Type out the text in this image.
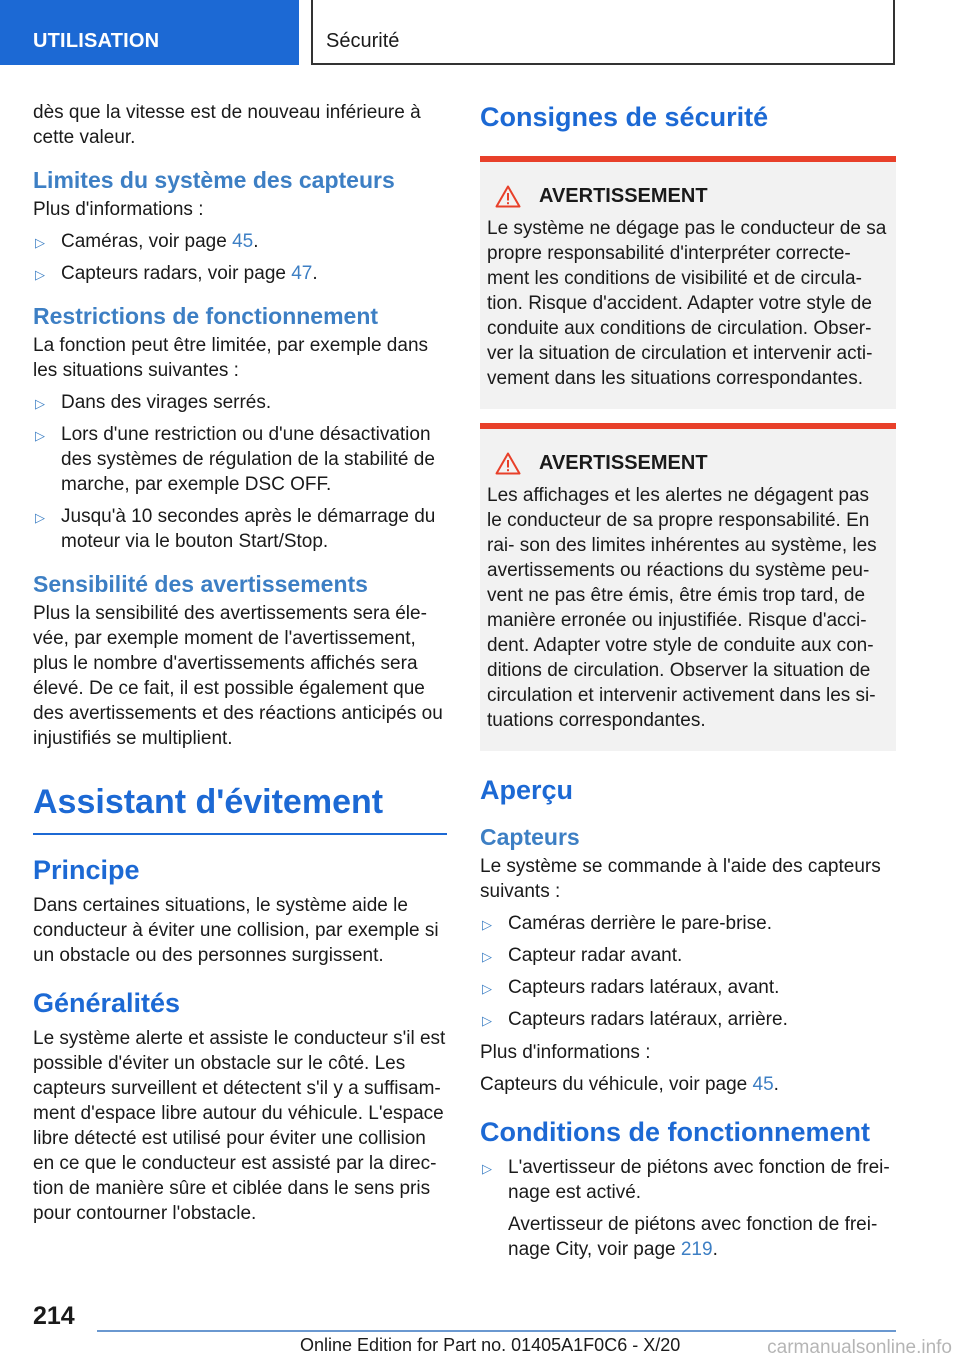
UTILISATION	Sécurité

dès que la vitesse est de nouveau inférieure à cette valeur.

Limites du système des capteurs

Plus d'informations :

▷ Caméras, voir page 45.
▷ Capteurs radars, voir page 47.
Restrictions de fonctionnement

La fonction peut être limitée, par exemple dans les situations suivantes :

▷ Dans des virages serrés.
▷ Lors d'une restriction ou d'une désactivation des systèmes de régulation de la stabilité de marche, par exemple DSC OFF.
▷ Jusqu'à 10 secondes après le démarrage du moteur via le bouton Start/Stop.
Sensibilité des avertissements

Plus la sensibilité des avertissements sera éle‐ vée, par exemple moment de l'avertissement, plus le nombre d'avertissements affichés sera élevé. De ce fait, il est possible également que des avertissements et des réactions anticipés ou injustifiés se multiplient.

Assistant d'évitement
Principe

Dans certaines situations, le système aide le conducteur à éviter une collision, par exemple si un obstacle ou des personnes surgissent.

Généralités

Le système alerte et assiste le conducteur s'il est possible d'éviter un obstacle sur le côté. Les capteurs surveillent et détectent s'il y a suffisam‐ ment d'espace libre autour du véhicule. L'espace libre détecté est utilisé pour éviter une collision en ce que le conducteur est assisté par la direc‐ tion de manière sûre et ciblée dans le sens pris pour contourner l'obstacle.

Consignes de sécurité
AVERTISSEMENT

Le système ne dégage pas le conducteur de sa propre responsabilité d'interpréter correcte‐ ment les conditions de visibilité et de circula‐ tion. Risque d'accident. Adapter votre style de conduite aux conditions de circulation. Obser‐ ver la situation de circulation et intervenir acti‐ vement dans les situations correspondantes.

AVERTISSEMENT

Les affichages et les alertes ne dégagent pas le conducteur de sa propre responsabilité. En rai‐ son des limites inhérentes au système, les avertissements ou réactions du système peu‐ vent ne pas être émis, être émis trop tard, de manière erronée ou injustifiée. Risque d'acci‐ dent. Adapter votre style de conduite aux con‐ ditions de circulation. Observer la situation de circulation et intervenir activement dans les si‐ tuations correspondantes.

Aperçu
Capteurs

Le système se commande à l'aide des capteurs suivants :

▷ Caméras derrière le pare-brise.
▷ Capteur radar avant.
▷ Capteurs radars latéraux, avant.
▷ Capteurs radars latéraux, arrière.

Plus d'informations :

Capteurs du véhicule, voir page 45.

Conditions de fonctionnement
▷ L'avertisseur de piétons avec fonction de frei‐ nage est activé.

Avertisseur de piétons avec fonction de frei‐ nage City, voir page 219.

214
Online Edition for Part no. 01405A1F0C6 - X/20	carmanualsonline.info
